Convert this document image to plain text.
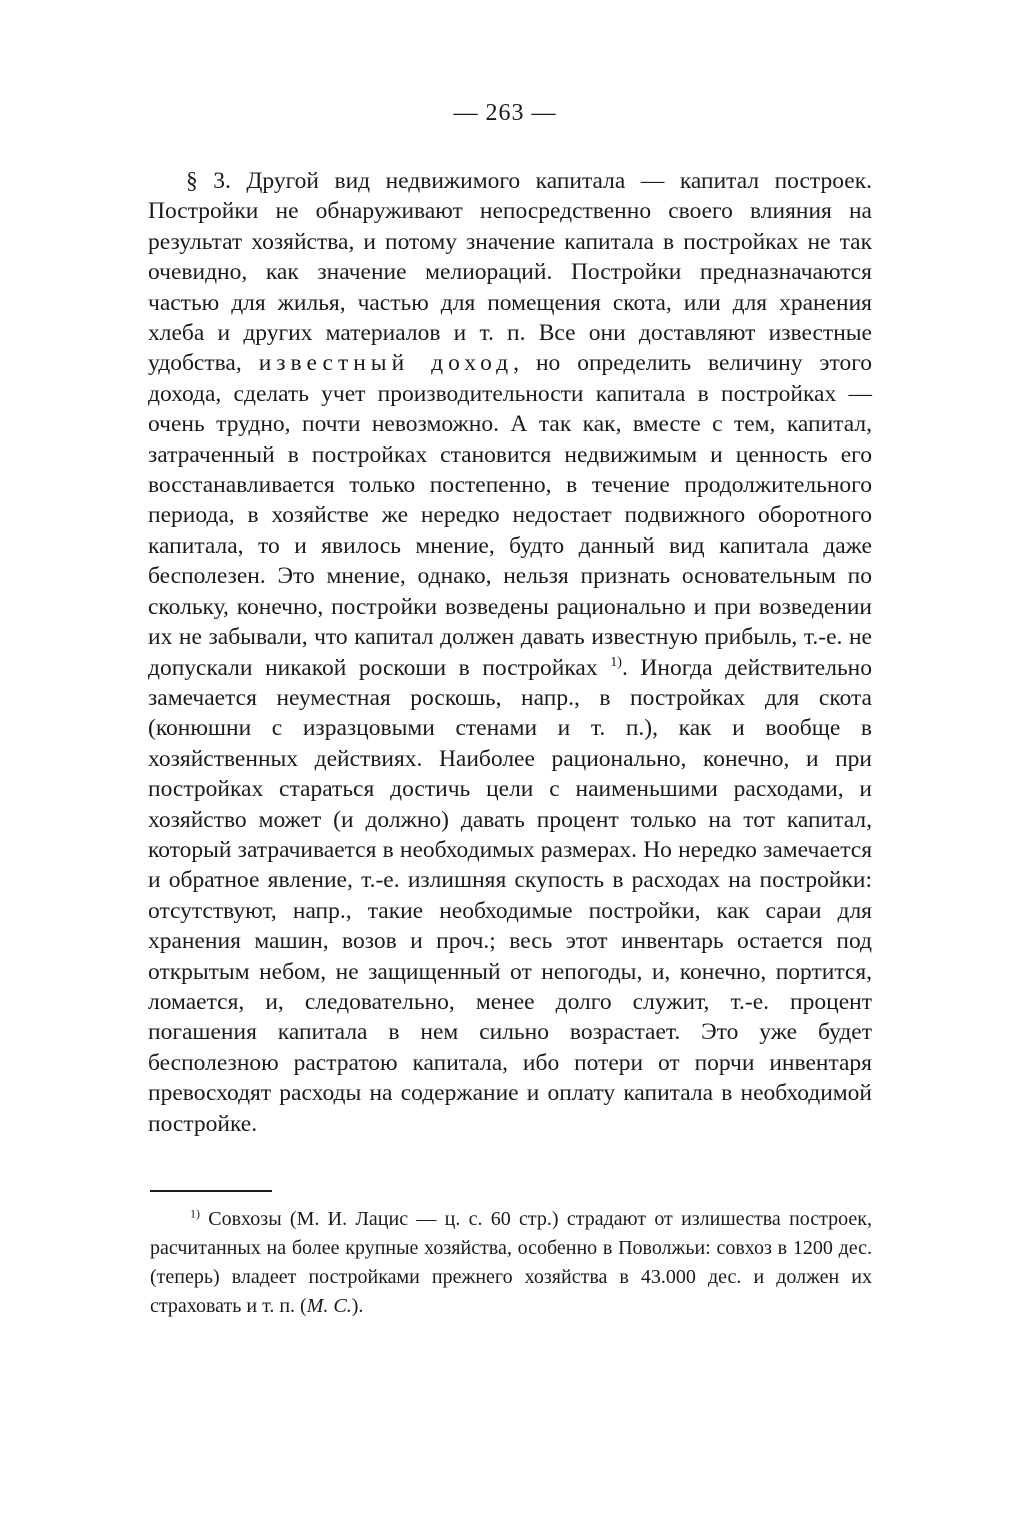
— 263 —

§ 3. Другой вид недвижимого капитала — капитал построек. Постройки не обнаруживают непосредственно своего влияния на результат хозяйства, и потому значение капитала в постройках не так очевидно, как значение мелиораций. Постройки предназначаются частью для жилья, частью для помещения скота, или для хранения хлеба и других материалов и т. п. Все они доставляют известные удобства, известный доход, но определить величину этого дохода, сделать учет производительности капитала в постройках — очень трудно, почти невозможно. А так как, вместе с тем, капитал, затраченный в постройках становится недвижимым и ценность его восстанавливается только постепенно, в течение продолжительного периода, в хозяйстве же нередко недостает подвижного оборотного капитала, то и явилось мнение, будто данный вид капитала даже бесполезен. Это мнение, однако, нельзя признать основательным по скольку, конечно, постройки возведены рационально и при возведении их не забывали, что капитал должен давать известную прибыль, т.-е. не допускали никакой роскоши в постройках $^{1)}$. Иногда действительно замечается неуместная роскошь, напр., в постройках для скота (конюшни с изразцовыми стенами и т. п.), как и вообще в хозяйственных действиях. Наиболее рационально, конечно, и при постройках стараться достичь цели с наименьшими расходами, и хозяйство может (и должно) давать процент только на тот капитал, который затрачивается в необходимых размерах. Но нередко замечается и обратное явление, т.-е. излишняя скупость в расходах на постройки: отсутствуют, напр., такие необходимые постройки, как сараи для хранения машин, возов и проч.; весь этот инвентарь остается под открытым небом, не защищенный от непогоды, и, конечно, портится, ломается, и, следовательно, менее долго служит, т.-е. процент погашения капитала в нем сильно возрастает. Это уже будет бесполезною растратою капитала, ибо потери от порчи инвентаря превосходят расходы на содержание и оплату капитала в необходимой постройке.

$^{1)}$ Совхозы (М. И. Лацис — ц. с. 60 стр.) страдают от излишества построек, расчитанных на более крупные хозяйства, особенно в Поволжьи: совхоз в 1200 дес. (теперь) владеет постройками прежнего хозяйства в 43.000 дес. и должен их страховать и т. п. (М. С.).
